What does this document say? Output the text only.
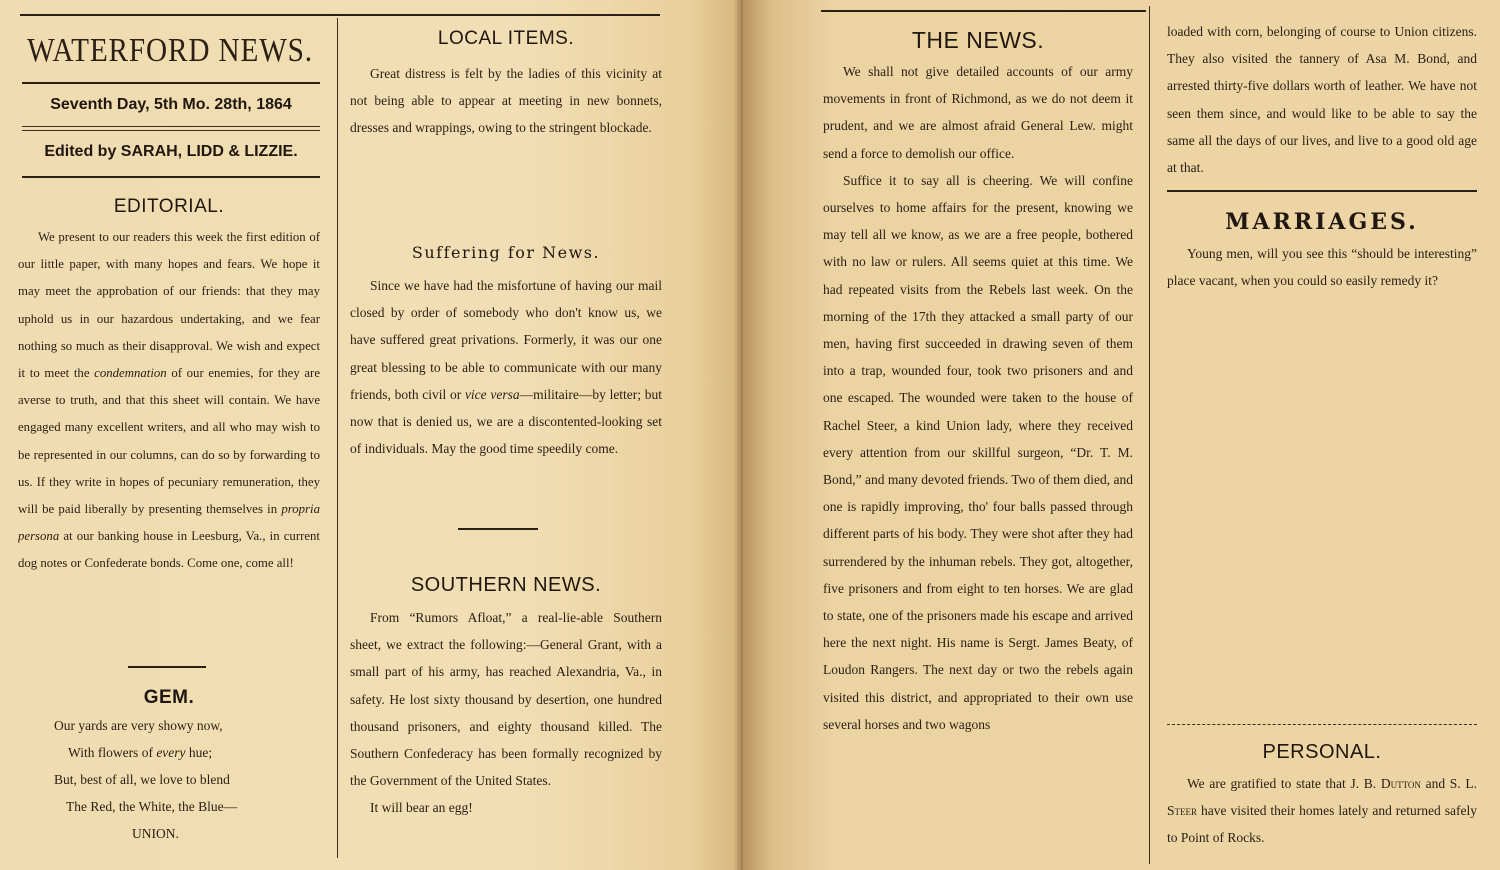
WATERFORD NEWS.
Seventh Day, 5th Mo. 28th, 1864
Edited by SARAH, LIDD & LIZZIE.
EDITORIAL.

We present to our readers this week the first edition of our little paper, with many hopes and fears. We hope it may meet the approbation of our friends: that they may uphold us in our hazardous undertaking, and we fear nothing so much as their disapproval. We wish and expect it to meet the condemnation of our enemies, for they are averse to truth, and that this sheet will contain. We have engaged many excellent writers, and all who may wish to be represented in our columns, can do so by forwarding to us. If they write in hopes of pecuniary remuneration, they will be paid liberally by presenting themselves in propria persona at our banking house in Leesburg, Va., in current dog notes or Confederate bonds. Come one, come all!

GEM.

Our yards are very showy now,

With flowers of every hue;

But, best of all, we love to blend

The Red, the White, the Blue—

UNION.

LOCAL ITEMS.

Great distress is felt by the ladies of this vicinity at not being able to appear at meeting in new bonnets, dresses and wrappings, owing to the stringent blockade.

Suffering for News.

Since we have had the misfortune of having our mail closed by order of somebody who don't know us, we have suffered great privations. Formerly, it was our one great blessing to be able to communicate with our many friends, both civil or vice versa—militaire—by letter; but now that is denied us, we are a discontented-looking set of individuals. May the good time speedily come.

SOUTHERN NEWS.

From “Rumors Afloat,” a real-lie-able Southern sheet, we extract the following:—General Grant, with a small part of his army, has reached Alexandria, Va., in safety. He lost sixty thousand by desertion, one hundred thousand prisoners, and eighty thousand killed. The Southern Confederacy has been formally recognized by the Government of the United States.

It will bear an egg!

THE NEWS.

We shall not give detailed accounts of our army movements in front of Richmond, as we do not deem it prudent, and we are almost afraid General Lew. might send a force to demolish our office.

Suffice it to say all is cheering. We will confine ourselves to home affairs for the present, knowing we may tell all we know, as we are a free people, bothered with no law or rulers. All seems quiet at this time. We had repeated visits from the Rebels last week. On the morning of the 17th they attacked a small party of our men, having first succeeded in drawing seven of them into a trap, wounded four, took two prisoners and and one escaped. The wounded were taken to the house of Rachel Steer, a kind Union lady, where they received every attention from our skillful surgeon, “Dr. T. M. Bond,” and many devoted friends. Two of them died, and one is rapidly improving, tho' four balls passed through different parts of his body. They were shot after they had surrendered by the inhuman rebels. They got, altogether, five prisoners and from eight to ten horses. We are glad to state, one of the prisoners made his escape and arrived here the next night. His name is Sergt. James Beaty, of Loudon Rangers. The next day or two the rebels again visited this district, and appropriated to their own use several horses and two wagons

loaded with corn, belonging of course to Union citizens. They also visited the tannery of Asa M. Bond, and arrested thirty-five dollars worth of leather. We have not seen them since, and would like to be able to say the same all the days of our lives, and live to a good old age at that.

MARRIAGES.

Young men, will you see this “should be interesting” place vacant, when you could so easily remedy it?

PERSONAL.

We are gratified to state that J. B. Dutton and S. L. Steer have visited their homes lately and returned safely to Point of Rocks.
